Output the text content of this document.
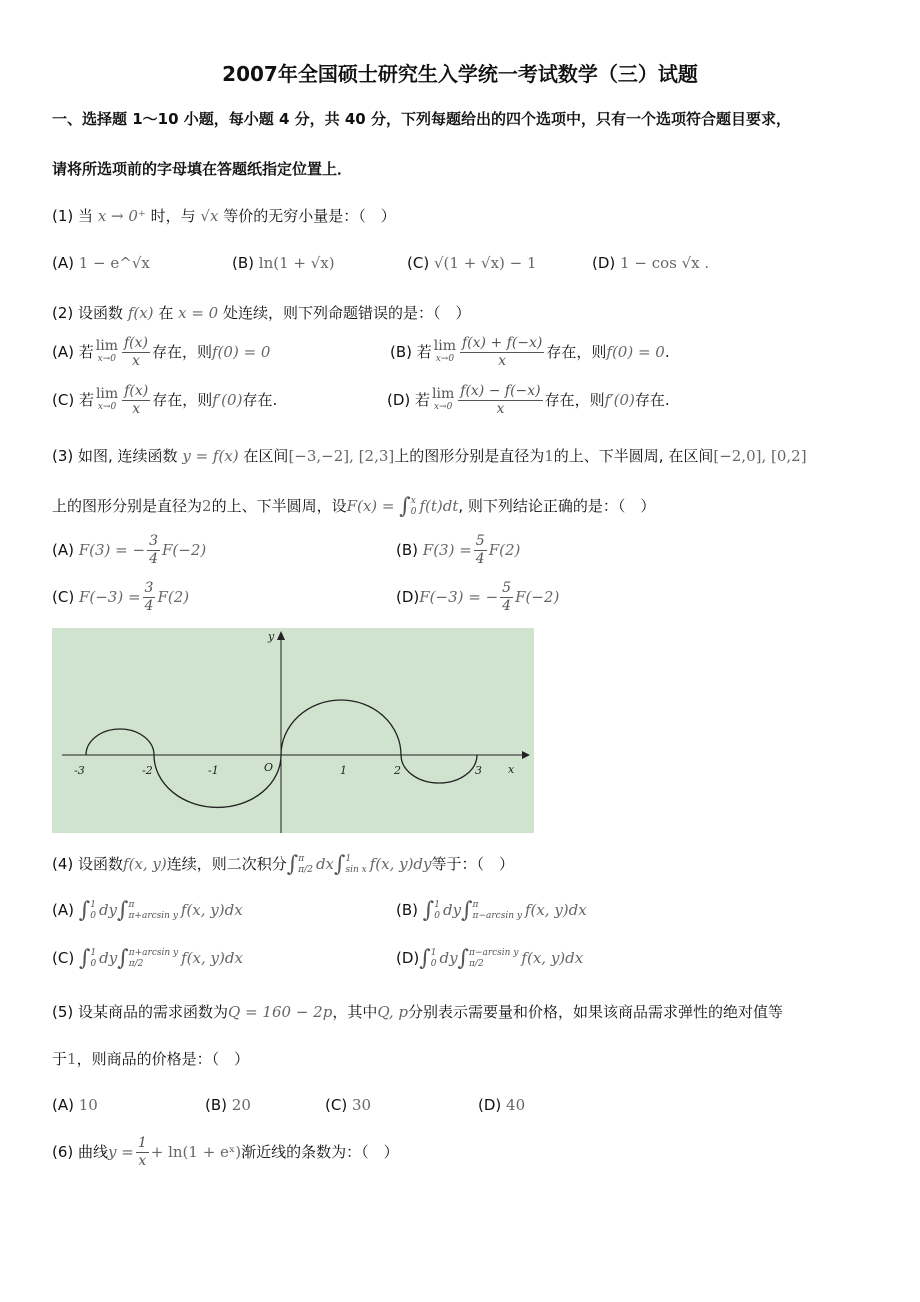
2007年全国硕士研究生入学统一考试数学（三）试题
一、选择题 1～10 小题，每小题 4 分，共 40 分，下列每题给出的四个选项中，只有一个选项符合题目要求，
请将所选项前的字母填在答题纸指定位置上．
(1) 当 x → 0⁺ 时，与 √x 等价的无穷小量是：（　）
(A) 1 − e^√x	(B) ln(1 + √x)	(C) √(1 + √x) − 1	(D) 1 − cos √x .
(2) 设函数 f(x) 在 x = 0 处连续，则下列命题错误的是：（　）
(A) 若 lim
$x\to 0 \frac{f(x)}{x}$ 存在，则f(0) = 0	(B) 若 lim
$x\to 0 \frac{f(x) + f(-x)}{x}$ 存在，则f(0) = 0.
(C) 若 lim
$x\to 0 \frac{f(x)}{x}$ 存在，则f′(0)存在.	(D) 若 lim
$x\to 0 \frac{f(x) - f(-x)}{x}$ 存在，则f′(0)存在.
(3) 如图, 连续函数 y = f(x) 在区间[−3,−2], [2,3]上的图形分别是直径为1的上、下半圆周, 在区间[−2,0], [0,2]
上的图形分别是直径为2的上、下半圆周，设F(x) = ∫ x
0 f(t)dt, 则下列结论正确的是：（　）
(A) F(3) = − $\frac{3}{4} F(-2)$	(B) $F(3) = \frac{5}{4} F(2)$
(C) $F(-3) = \frac{3}{4} F(2)$	(D)F(−3) = − $\frac{5}{4} F(-2)$
y
x
O
-3	-2	-1	1	2	3
(4) 设函数f(x, y)连续，则二次积分∫ π
π/2 dx∫ 1
sin x f(x, y)dy等于：（　）
(A) ∫ 1
0 dy∫ π
π+arcsin y f(x, y)dx	(B) ∫ 1
0 dy∫ π
π−arcsin y f(x, y)dx
(C) ∫ 1
0 dy∫ π+arcsin y
π/2	f(x, y)dx	(D)∫ 1
0 dy∫ π−arcsin y
π/2	f(x, y)dx
(5) 设某商品的需求函数为Q = 160 − 2p，其中Q, p分别表示需要量和价格，如果该商品需求弹性的绝对值等
于1，则商品的价格是：（　）
(A) 10	(B) 20	(C) 30	(D) 40
(6) 曲线$y = \frac{1}{x} + \ln(1$ + eˣ)渐近线的条数为：（　）
